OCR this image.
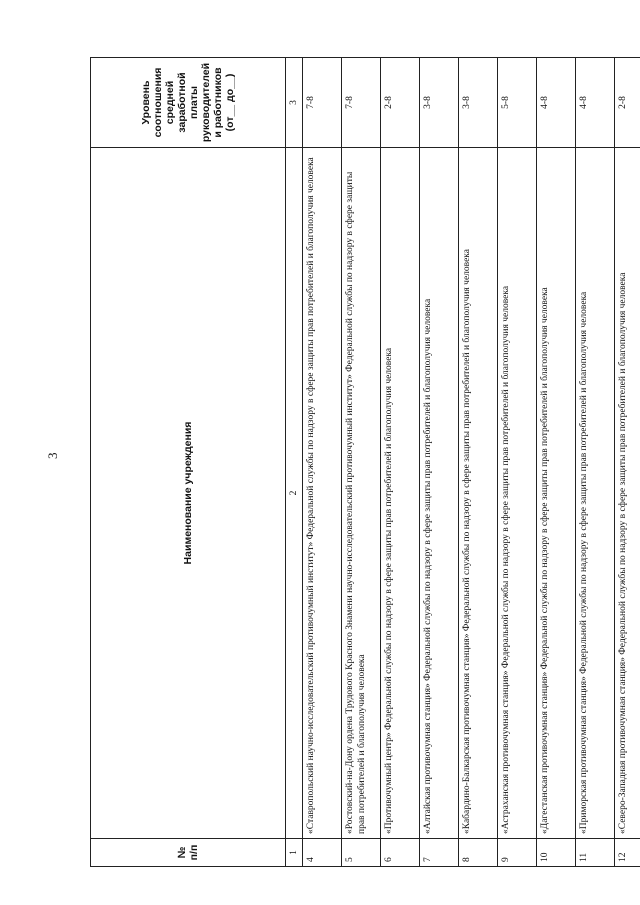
3
№ п/п	Наименование учреждения	Уровень соотношения средней заработной платы руководителей и работников (от__ до__)
1	2	3
4	«Ставропольский научно-исследовательский противочумный институт» Федеральной службы по надзору в сфере защиты прав потребителей и благополучия человека	7-8
5	«Ростовский-на-Дону ордена Трудового Красного Знамени научно-исследовательский противочумный институт» Федеральной службы по надзору в сфере защиты прав потребителей и благополучия человека	7-8
6	«Противочумный центр» Федеральной службы по надзору в сфере защиты прав потребителей и благополучия человека	2-8
7	«Алтайская противочумная станция» Федеральной службы по надзору в сфере защиты прав потребителей и благополучия человека	3-8
8	«Кабардино-Балкарская противочумная станция» Федеральной службы по надзору в сфере защиты прав потребителей и благополучия человека	3-8
9	«Астраханская противочумная станция» Федеральной службы по надзору в сфере защиты прав потребителей и благополучия человека	5-8
10	«Дагестанская противочумная станция» Федеральной службы по надзору в сфере защиты прав потребителей и благополучия человека	4-8
11	«Приморская противочумная станция» Федеральной службы по надзору в сфере защиты прав потребителей и благополучия человека	4-8
12	«Северо-Западная противочумная станция» Федеральной службы по надзору в сфере защиты прав потребителей и благополучия человека	2-8
